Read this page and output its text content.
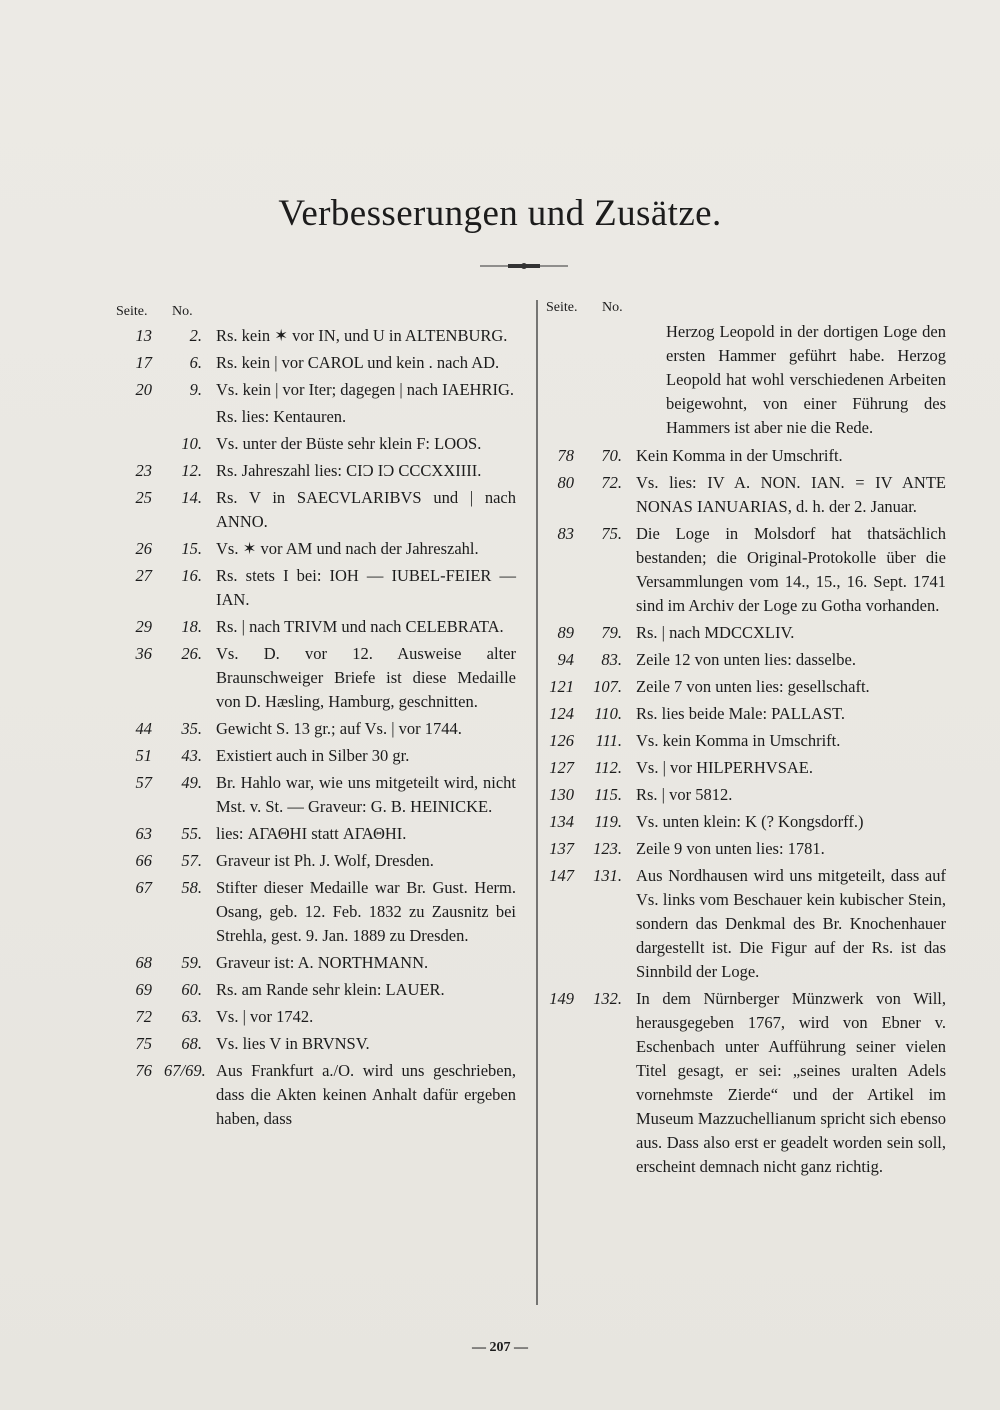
Verbesserungen und Zusätze.
Seite.	No.
13	2. Rs. kein ✶ vor IN, und U in ALTENBURG.
17	6. Rs. kein | vor CAROL und kein . nach AD.
20	9. Vs. kein | vor Iter; dagegen | nach IAEHRIG.
Rs. lies: Kentauren.
10. Vs. unter der Büste sehr klein F: LOOS.
23	12. Rs. Jahreszahl lies: CIƆ IƆ CCCXXIIII.
25	14. Rs. V in SAECVLARIBVS und | nach ANNO.
26	15. Vs. ✶ vor AM und nach der Jahreszahl.
27	16. Rs. stets I bei: IOH — IUBEL-FEIER — IAN.
29	18. Rs. | nach TRIVM und nach CELEBRATA.
36	26. Vs. D. vor 12. Ausweise alter Braunschweiger Briefe ist diese Medaille von D. Hæsling, Hamburg, geschnitten.
44	35. Gewicht S. 13 gr.; auf Vs. | vor 1744.
51	43. Existiert auch in Silber 30 gr.
57	49. Br. Hahlo war, wie uns mitgeteilt wird, nicht Mst. v. St. — Graveur: G. B. HEINICKE.
63	55. lies: ΑΓΑΘΗΙ statt ΑΓΑΘΗΙ.
66	57. Graveur ist Ph. J. Wolf, Dresden.
67	58. Stifter dieser Medaille war Br. Gust. Herm. Osang, geb. 12. Feb. 1832 zu Zausnitz bei Strehla, gest. 9. Jan. 1889 zu Dresden.
68	59. Graveur ist: A. NORTHMANN.
69	60. Rs. am Rande sehr klein: LAUER.
72	63. Vs. | vor 1742.
75	68. Vs. lies V in BRVNSV.
76 67/69. Aus Frankfurt a./O. wird uns geschrieben, dass die Akten keinen Anhalt dafür ergeben haben, dass
Seite.	No.
Herzog Leopold in der dortigen Loge den ersten Hammer geführt habe. Herzog Leopold hat wohl verschiedenen Arbeiten beigewohnt, von einer Führung des Hammers ist aber nie die Rede.
78	70. Kein Komma in der Umschrift.
80	72. Vs. lies: IV A. NON. IAN. = IV ANTE NONAS IANUARIAS, d. h. der 2. Januar.
83	75. Die Loge in Molsdorf hat thatsächlich bestanden; die Original-Protokolle über die Versammlungen vom 14., 15., 16. Sept. 1741 sind im Archiv der Loge zu Gotha vorhanden.
89	79. Rs. | nach MDCCXLIV.
94	83. Zeile 12 von unten lies: dasselbe.
121	107. Zeile 7 von unten lies: gesellschaft.
124	110. Rs. lies beide Male: PALLAST.
126	111. Vs. kein Komma in Umschrift.
127	112. Vs. | vor HILPERHVSAE.
130	115. Rs. | vor 5812.
134	119. Vs. unten klein: K (? Kongsdorff.)
137	123. Zeile 9 von unten lies: 1781.
147	131. Aus Nordhausen wird uns mitgeteilt, dass auf Vs. links vom Beschauer kein kubischer Stein, sondern das Denkmal des Br. Knochenhauer dargestellt ist. Die Figur auf der Rs. ist das Sinnbild der Loge.
149	132. In dem Nürnberger Münzwerk von Will, herausgegeben 1767, wird von Ebner v. Eschenbach unter Aufführung seiner vielen Titel gesagt, er sei: „seines uralten Adels vornehmste Zierde“ und der Artikel im Museum Mazzuchellianum spricht sich ebenso aus. Dass also erst er geadelt worden sein soll, erscheint demnach nicht ganz richtig.
— 207 —
